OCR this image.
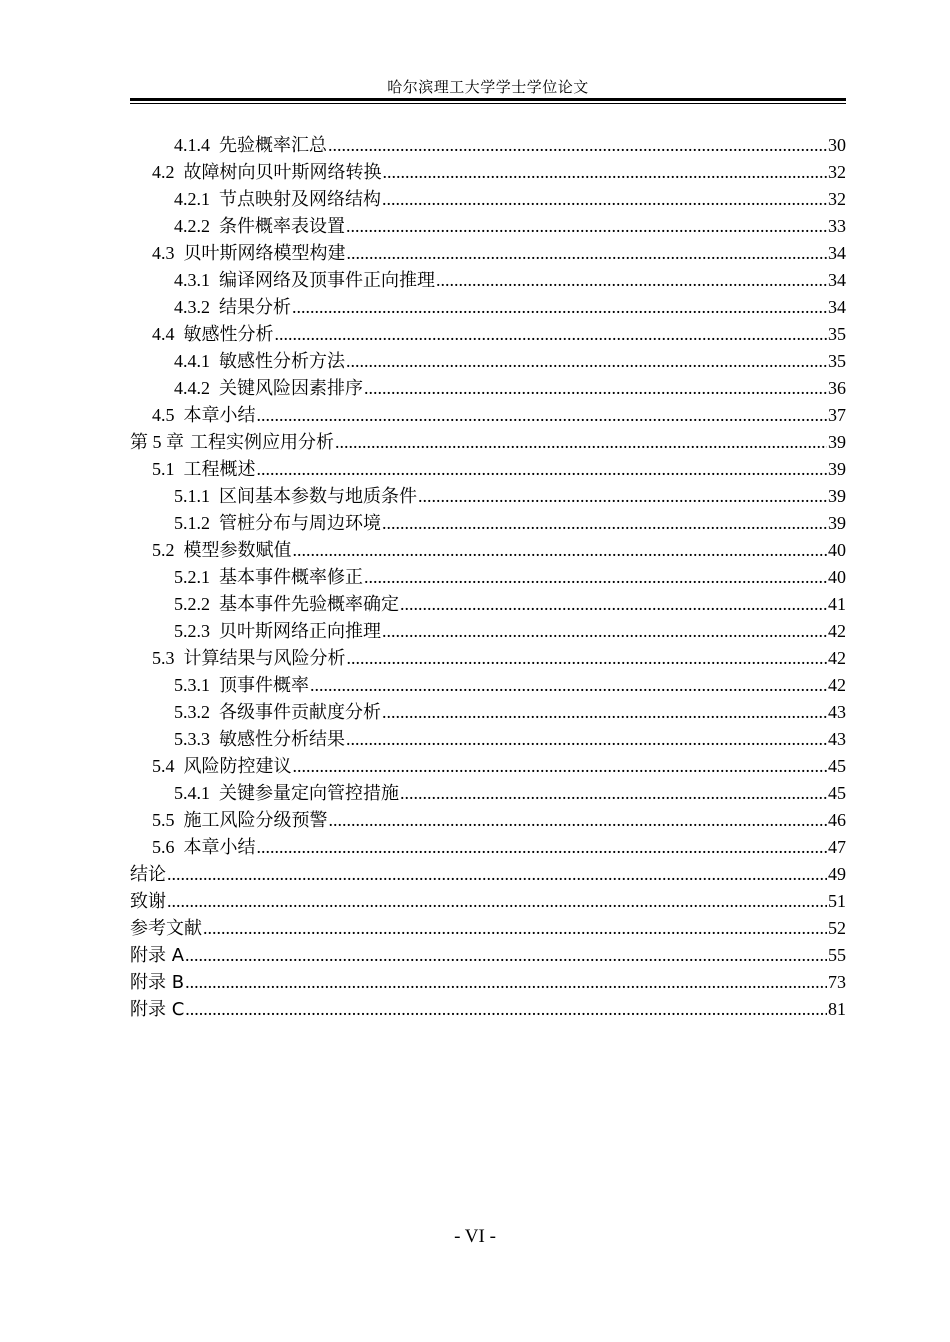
哈尔滨理工大学学士学位论文
4.1.4 先验概率汇总 .....	30
4.2 故障树向贝叶斯网络转换 .....	32
4.2.1 节点映射及网络结构 .....	32
4.2.2 条件概率表设置 .....	33
4.3 贝叶斯网络模型构建 .....	34
4.3.1 编译网络及顶事件正向推理 .....	34
4.3.2 结果分析 .....	34
4.4 敏感性分析 .....	35
4.4.1 敏感性分析方法 .....	35
4.4.2 关键风险因素排序 .....	36
4.5 本章小结 .....	37
第 5 章 工程实例应用分析 .....	39
5.1 工程概述 .....	39
5.1.1 区间基本参数与地质条件 .....	39
5.1.2 管桩分布与周边环境 .....	39
5.2 模型参数赋值 .....	40
5.2.1 基本事件概率修正 .....	40
5.2.2 基本事件先验概率确定 .....	41
5.2.3 贝叶斯网络正向推理 .....	42
5.3 计算结果与风险分析 .....	42
5.3.1 顶事件概率 .....	42
5.3.2 各级事件贡献度分析 .....	43
5.3.3 敏感性分析结果 .....	43
5.4 风险防控建议 .....	45
5.4.1 关键参量定向管控措施 .....	45
5.5 施工风险分级预警 .....	46
5.6 本章小结 .....	47
结论 .....	49
致谢 .....	51
参考文献 .....	52
附录 A .....	55
附录 B .....	73
附录 C .....	81
- VI -
